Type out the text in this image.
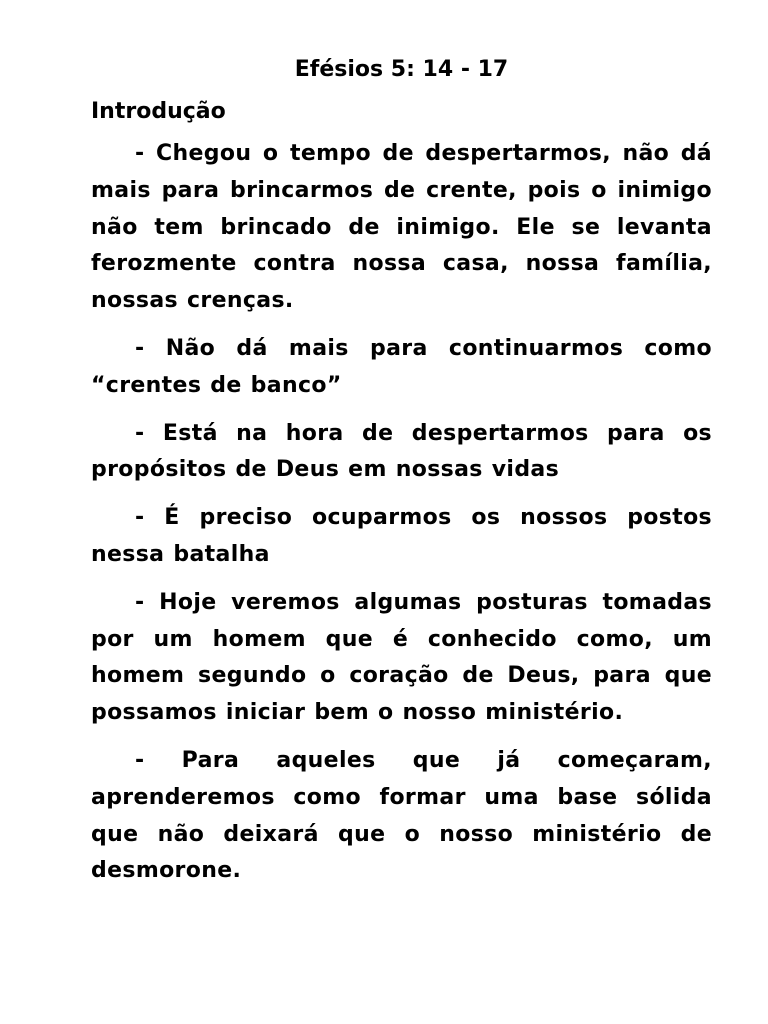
Efésios 5: 14 - 17
Introdução

- Chegou o tempo de despertarmos, não dá mais para brincarmos de crente, pois o inimigo não tem brincado de inimigo. Ele se levanta ferozmente contra nossa casa, nossa família, nossas crenças.

- Não dá mais para continuarmos como “crentes de banco”

- Está na hora de despertarmos para os propósitos de Deus em nossas vidas

- É preciso ocuparmos os nossos postos nessa batalha

- Hoje veremos algumas posturas tomadas por um homem que é conhecido como, um homem segundo o coração de Deus, para que possamos iniciar bem o nosso ministério.

- Para aqueles que já começaram, aprenderemos como formar uma base sólida que não deixará que o nosso ministério de desmorone.
